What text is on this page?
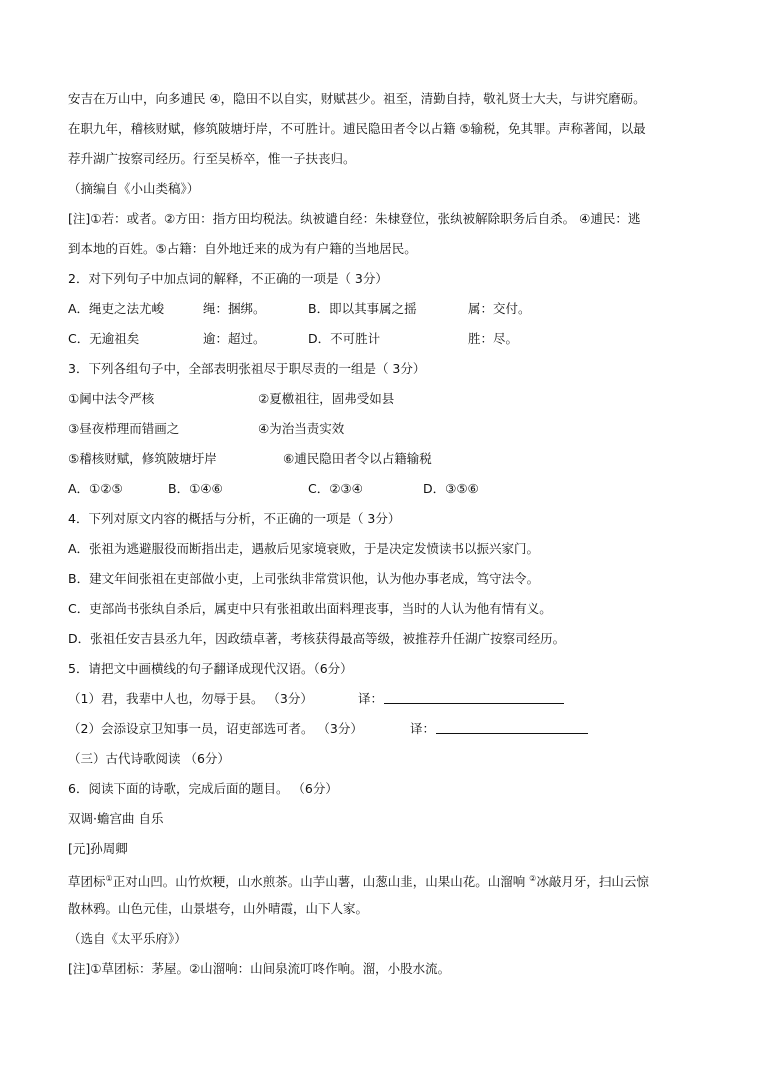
安吉在万山中，向多逋民 ④，隐田不以自实，财赋甚少。祖至，清勤自持，敬礼贤士大夫，与讲究磨砺。
在职九年，稽核财赋，修筑陂塘圩岸，不可胜计。逋民隐田者令以占籍 ⑤输税，免其罪。声称著闻，以最
荐升湖广按察司经历。行至吴桥卒，惟一子扶丧归。
（摘编自《小山类稿》）
[注]①若：或者。②方田：指方田均税法。纨被谴自经：朱棣登位，张纨被解除职务后自杀。 ④逋民：逃
到本地的百姓。⑤占籍：自外地迁来的成为有户籍的当地居民。
2．对下列句子中加点词的解释，不正确的一项是（ 3分）
A．绳吏之法尤峻	绳：捆绑。	B．即以其事属之摇	属：交付。
C．无逾祖矣	逾：超过。	D．不可胜计	胜：尽。
3．下列各组句子中，全部表明张祖尽于职尽责的一组是（ 3分）
①阃中法令严核	②夏檄祖往，固弗受如县
③昼夜栉理而错画之	④为治当责实效
⑤稽核财赋，修筑陂塘圩岸	⑥逋民隐田者令以占籍输税
A．①②⑤	B．①④⑥	C．②③④	D．③⑤⑥
4．下列对原文内容的概括与分析，不正确的一项是（ 3分）
A．张祖为逃避服役而断指出走，遇赦后见家境衰败，于是决定发愤读书以振兴家门。
B．建文年间张祖在吏部做小吏，上司张纨非常赏识他，认为他办事老成，笃守法令。
C．吏部尚书张纨自杀后，属吏中只有张祖敢出面料理丧事，当时的人认为他有情有义。
D．张祖任安吉县丞九年，因政绩卓著，考核获得最高等级，被推荐升任湖广按察司经历。
5．请把文中画横线的句子翻译成现代汉语。（6分）
（1）君，我辈中人也，勿辱于县。 （3分）	译：
（2）会添设京卫知事一员，诏吏部选可者。 （3分）	译：
（三）古代诗歌阅读 （6分）
6．阅读下面的诗歌，完成后面的题目。 （6分）
双调·蟾宫曲 自乐
[元]孙周卿
草团标①正对山凹。山竹炊粳，山水煎茶。山芋山薯，山葱山韭，山果山花。山溜响 ②冰敲月牙，扫山云惊
散林鸦。山色元佳，山景堪夸，山外晴霞，山下人家。
（选自《太平乐府》）
[注]①草团标：茅屋。②山溜响：山间泉流叮咚作响。溜，小股水流。
